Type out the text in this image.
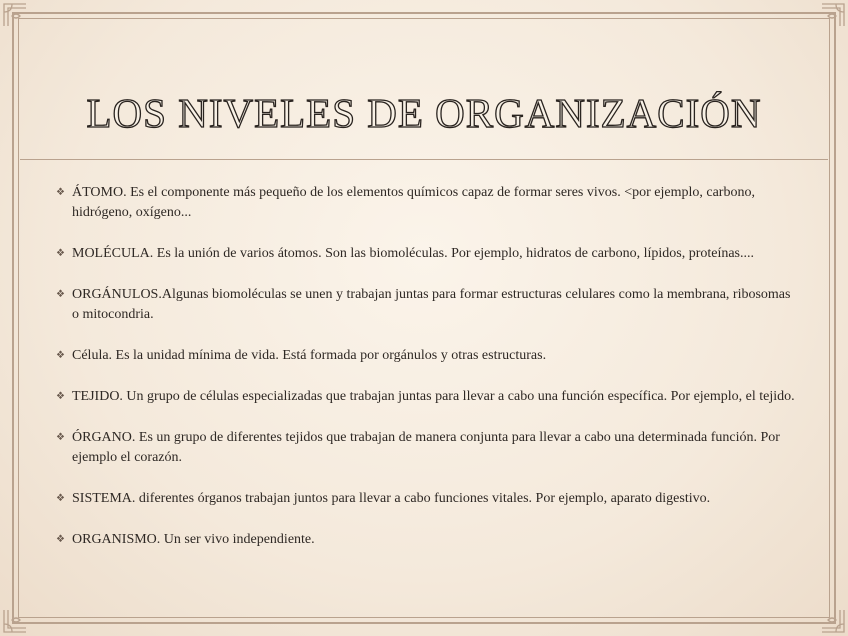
LOS NIVELES DE ORGANIZACIÓN
❖ ÁTOMO. Es el componente más pequeño de los elementos químicos capaz de formar seres vivos. <por ejemplo, carbono, hidrógeno, oxígeno...
❖ MOLÉCULA. Es la unión de varios átomos. Son las biomoléculas. Por ejemplo, hidratos de carbono, lípidos, proteínas....
❖ ORGÁNULOS.Algunas biomoléculas se unen y trabajan juntas para formar estructuras celulares como la membrana, ribosomas o mitocondria.
❖ Célula. Es la unidad mínima de vida. Está formada por orgánulos y otras estructuras.
❖ TEJIDO. Un grupo de células especializadas que trabajan juntas para llevar a cabo una función específica. Por ejemplo, el tejido.
❖ ÓRGANO. Es un grupo de diferentes tejidos que trabajan de manera conjunta para llevar a cabo una determinada función. Por ejemplo el corazón.
❖ SISTEMA. diferentes órganos trabajan juntos para llevar a cabo funciones vitales. Por ejemplo, aparato digestivo.
❖ ORGANISMO. Un ser vivo independiente.
